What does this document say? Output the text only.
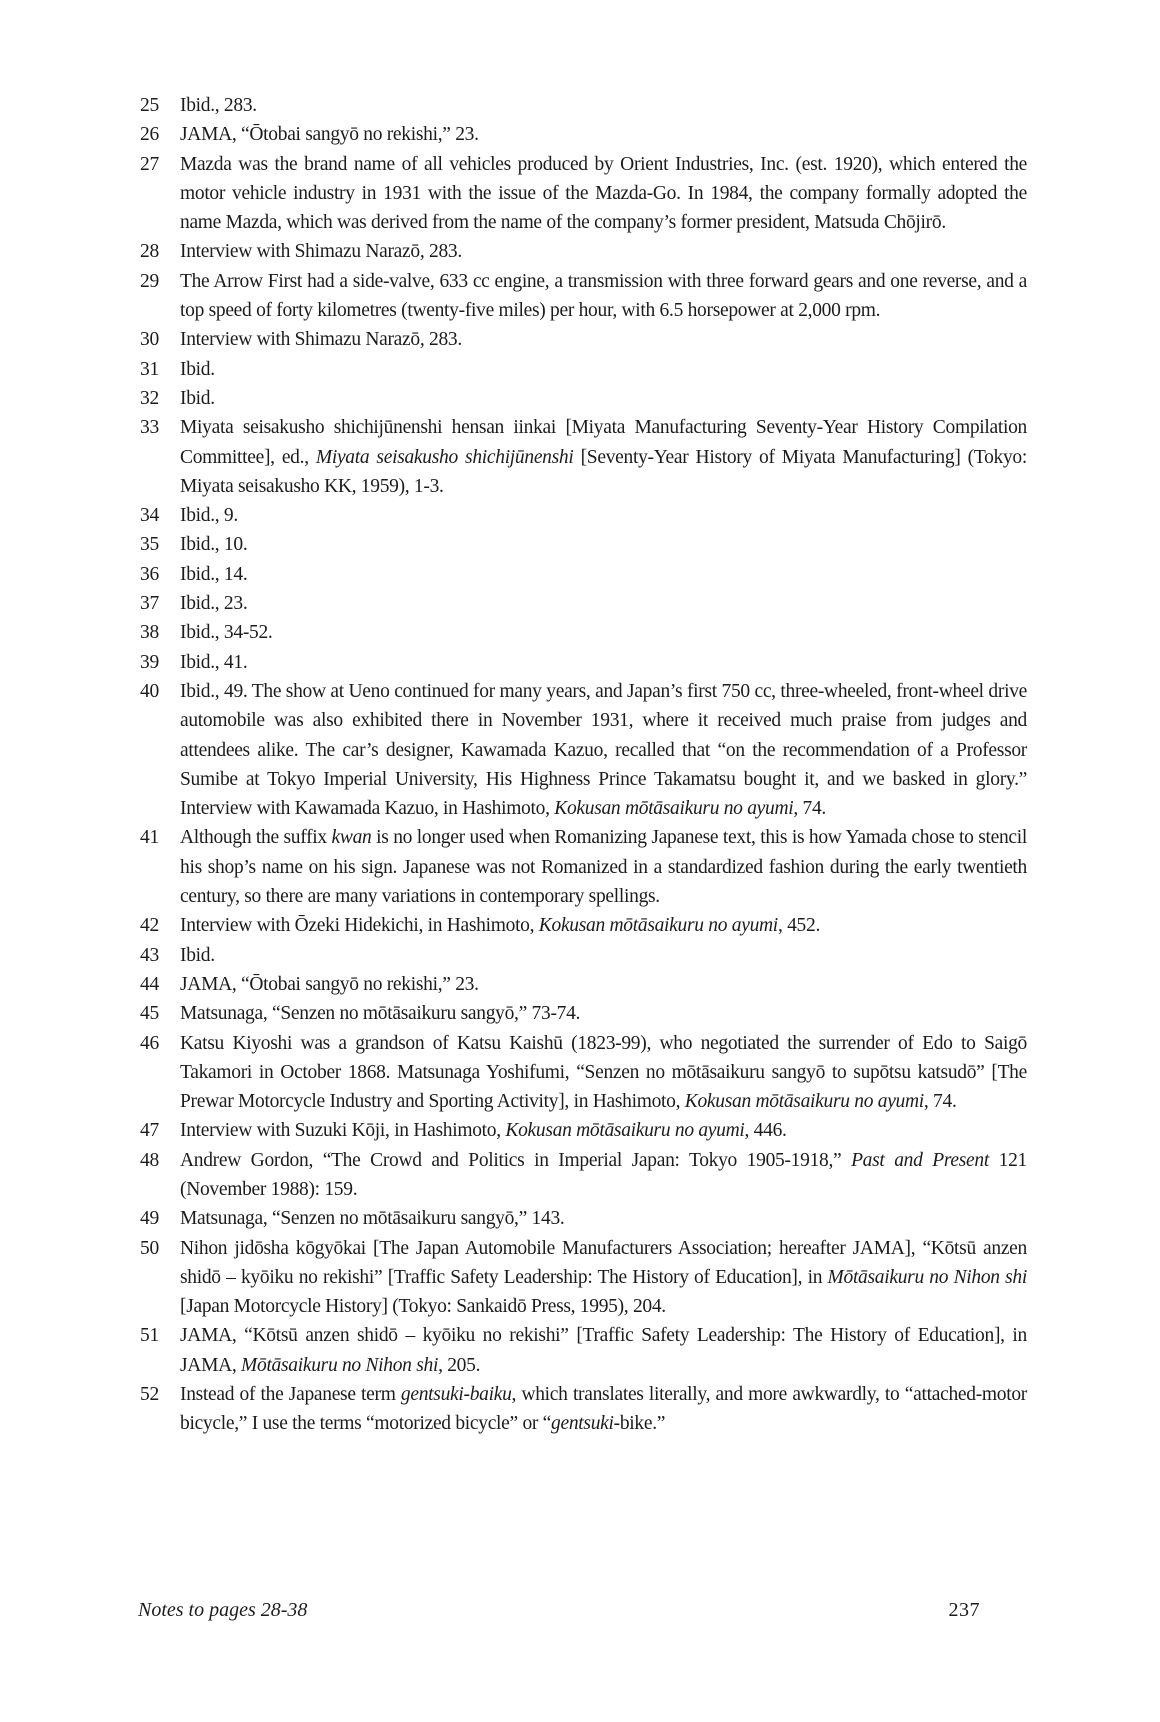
25	Ibid., 283.
26	JAMA, “Ōtobai sangyō no rekishi,” 23.
27	Mazda was the brand name of all vehicles produced by Orient Industries, Inc. (est. 1920), which entered the motor vehicle industry in 1931 with the issue of the Mazda-Go. In 1984, the company formally adopted the name Mazda, which was derived from the name of the company’s former president, Matsuda Chōjirō.
28	Interview with Shimazu Narazō, 283.
29	The Arrow First had a side-valve, 633 cc engine, a transmission with three forward gears and one reverse, and a top speed of forty kilometres (twenty-five miles) per hour, with 6.5 horsepower at 2,000 rpm.
30	Interview with Shimazu Narazō, 283.
31	Ibid.
32	Ibid.
33	Miyata seisakusho shichijūnenshi hensan iinkai [Miyata Manufacturing Seventy-Year History Compilation Committee], ed., Miyata seisakusho shichijūnenshi [Seventy-Year History of Miyata Manufacturing] (Tokyo: Miyata seisakusho KK, 1959), 1-3.
34	Ibid., 9.
35	Ibid., 10.
36	Ibid., 14.
37	Ibid., 23.
38	Ibid., 34-52.
39	Ibid., 41.
40	Ibid., 49. The show at Ueno continued for many years, and Japan’s first 750 cc, three-wheeled, front-wheel drive automobile was also exhibited there in November 1931, where it received much praise from judges and attendees alike. The car’s designer, Kawamada Kazuo, recalled that “on the recommendation of a Professor Sumibe at Tokyo Imperial University, His Highness Prince Takamatsu bought it, and we basked in glory.” Interview with Kawamada Kazuo, in Hashimoto, Kokusan mōtāsaikuru no ayumi, 74.
41	Although the suffix kwan is no longer used when Romanizing Japanese text, this is how Yamada chose to stencil his shop’s name on his sign. Japanese was not Romanized in a standardized fashion during the early twentieth century, so there are many variations in contemporary spellings.
42	Interview with Ōzeki Hidekichi, in Hashimoto, Kokusan mōtāsaikuru no ayumi, 452.
43	Ibid.
44	JAMA, “Ōtobai sangyō no rekishi,” 23.
45	Matsunaga, “Senzen no mōtāsaikuru sangyō,” 73-74.
46	Katsu Kiyoshi was a grandson of Katsu Kaishū (1823-99), who negotiated the surrender of Edo to Saigō Takamori in October 1868. Matsunaga Yoshifumi, “Senzen no mōtāsaikuru sangyō to supōtsu katsudō” [The Prewar Motorcycle Industry and Sporting Activity], in Hashimoto, Kokusan mōtāsaikuru no ayumi, 74.
47	Interview with Suzuki Kōji, in Hashimoto, Kokusan mōtāsaikuru no ayumi, 446.
48	Andrew Gordon, “The Crowd and Politics in Imperial Japan: Tokyo 1905-1918,” Past and Present 121 (November 1988): 159.
49	Matsunaga, “Senzen no mōtāsaikuru sangyō,” 143.
50	Nihon jidōsha kōgyōkai [The Japan Automobile Manufacturers Association; hereafter JAMA], “Kōtsū anzen shidō – kyōiku no rekishi” [Traffic Safety Leadership: The History of Education], in Mōtāsaikuru no Nihon shi [Japan Motorcycle History] (Tokyo: Sankaidō Press, 1995), 204.
51	JAMA, “Kōtsū anzen shidō – kyōiku no rekishi” [Traffic Safety Leadership: The History of Education], in JAMA, Mōtāsaikuru no Nihon shi, 205.
52	Instead of the Japanese term gentsuki-baiku, which translates literally, and more awkwardly, to “attached-motor bicycle,” I use the terms “motorized bicycle” or “gentsuki-bike.”
Notes to pages 28-38	237
